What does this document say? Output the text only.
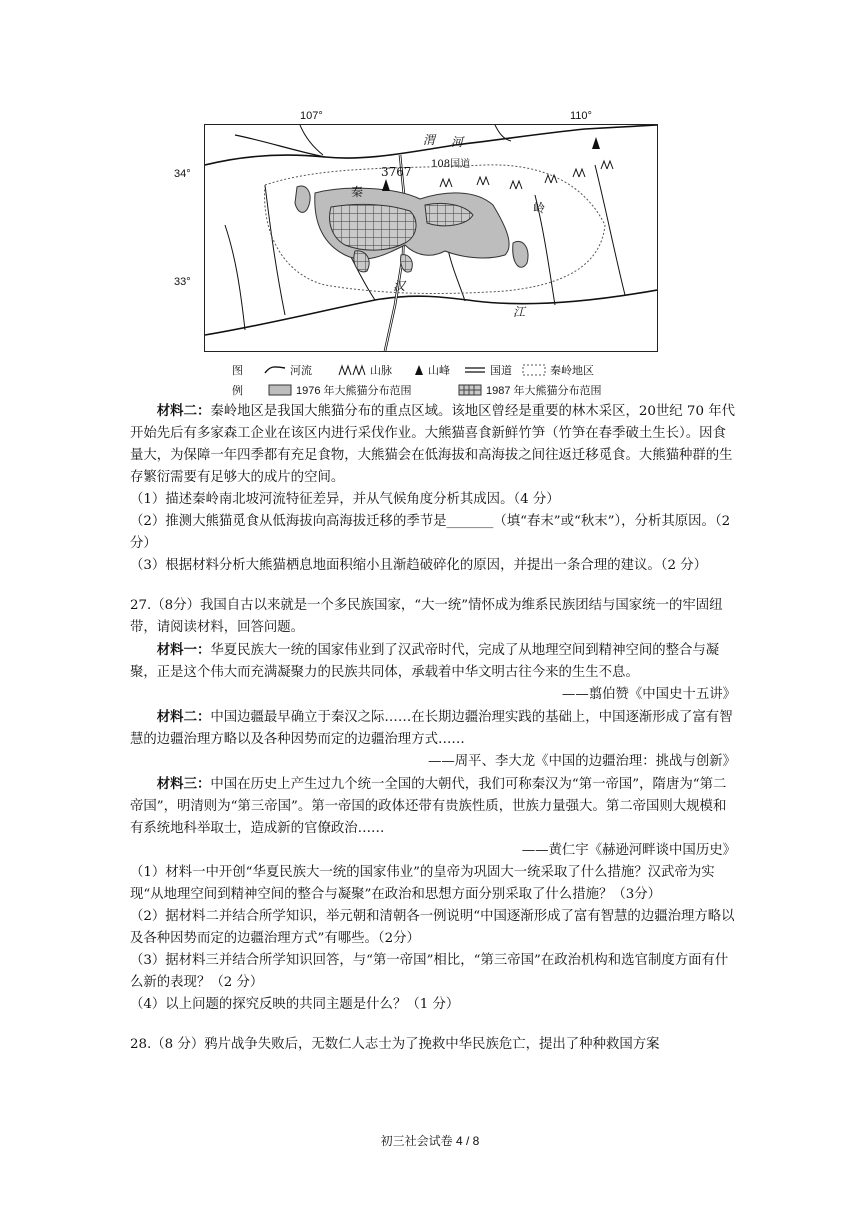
107°	110°
34°
33°
3767
108国道
渭 河
秦
岭
汉
江
图
例
河流	山脉	山峰	国道	秦岭地区
1976 年大熊猫分布范围	1987 年大熊猫分布范围

材料二：秦岭地区是我国大熊猫分布的重点区域。该地区曾经是重要的林木采区，20世纪 70 年代开始先后有多家森工企业在该区内进行采伐作业。大熊猫喜食新鲜竹笋（竹笋在春季破土生长）。因食量大，为保障一年四季都有充足食物，大熊猫会在低海拔和高海拔之间往返迁移觅食。大熊猫种群的生存繁衍需要有足够大的成片的空间。

（1）描述秦岭南北坡河流特征差异，并从气候角度分析其成因。（4 分）

（2）推测大熊猫觅食从低海拔向高海拔迁移的季节是_______（填“春末”或“秋末”），分析其原因。（2 分）

（3）根据材料分析大熊猫栖息地面积缩小且渐趋破碎化的原因，并提出一条合理的建议。（2 分）

27.（8分）我国自古以来就是一个多民族国家，“大一统”情怀成为维系民族团结与国家统一的牢固纽带，请阅读材料，回答问题。

材料一：华夏民族大一统的国家伟业到了汉武帝时代，完成了从地理空间到精神空间的整合与凝聚，正是这个伟大而充满凝聚力的民族共同体，承载着中华文明古往今来的生生不息。

——翦伯赞《中国史十五讲》

材料二：中国边疆最早确立于秦汉之际……在长期边疆治理实践的基础上，中国逐渐形成了富有智慧的边疆治理方略以及各种因势而定的边疆治理方式……

——周平、李大龙《中国的边疆治理：挑战与创新》

材料三：中国在历史上产生过九个统一全国的大朝代，我们可称秦汉为“第一帝国”，隋唐为“第二帝国”，明清则为“第三帝国”。第一帝国的政体还带有贵族性质，世族力量强大。第二帝国则大规模和有系统地科举取士，造成新的官僚政治……

——黄仁宇《赫逊河畔谈中国历史》

（1）材料一中开创“华夏民族大一统的国家伟业”的皇帝为巩固大一统采取了什么措施？汉武帝为实现“从地理空间到精神空间的整合与凝聚”在政治和思想方面分别采取了什么措施？（3分）

（2）据材料二并结合所学知识，举元朝和清朝各一例说明“中国逐渐形成了富有智慧的边疆治理方略以及各种因势而定的边疆治理方式”有哪些。（2分）

（3）据材料三并结合所学知识回答，与“第一帝国”相比，“第三帝国”在政治机构和选官制度方面有什么新的表现？（2 分）

（4）以上问题的探究反映的共同主题是什么？（1 分）

28.（8 分）鸦片战争失败后，无数仁人志士为了挽救中华民族危亡，提出了种种救国方案

初三社会试卷 4 / 8
